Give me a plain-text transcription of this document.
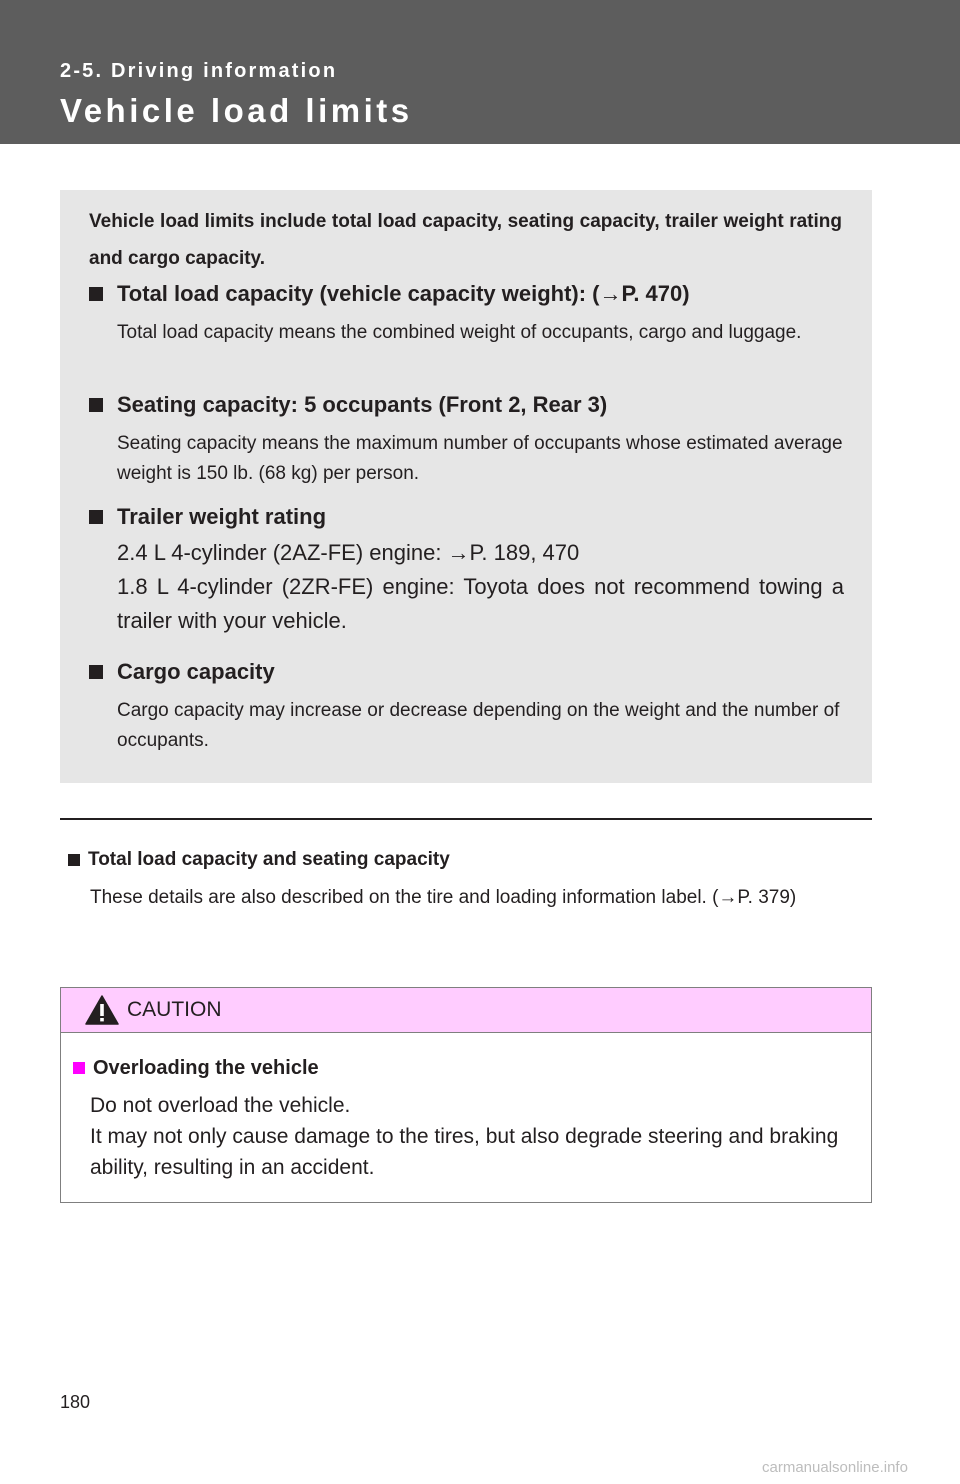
2-5. Driving information
Vehicle load limits
Vehicle load limits include total load capacity, seating capacity, trailer weight rating and cargo capacity.
Total load capacity (vehicle capacity weight): (→P. 470)
Total load capacity means the combined weight of occupants, cargo and luggage.
Seating capacity: 5 occupants (Front 2, Rear 3)
Seating capacity means the maximum number of occupants whose estimated average weight is 150 lb. (68 kg) per person.
Trailer weight rating
2.4 L 4-cylinder (2AZ-FE) engine: →P. 189, 470
1.8 L 4-cylinder (2ZR-FE) engine: Toyota does not recommend towing a trailer with your vehicle.
Cargo capacity
Cargo capacity may increase or decrease depending on the weight and the number of occupants.
Total load capacity and seating capacity
These details are also described on the tire and loading information label. (→P. 379)
CAUTION
Overloading the vehicle
Do not overload the vehicle.
It may not only cause damage to the tires, but also degrade steering and braking ability, resulting in an accident.
180
carmanualsonline.info
